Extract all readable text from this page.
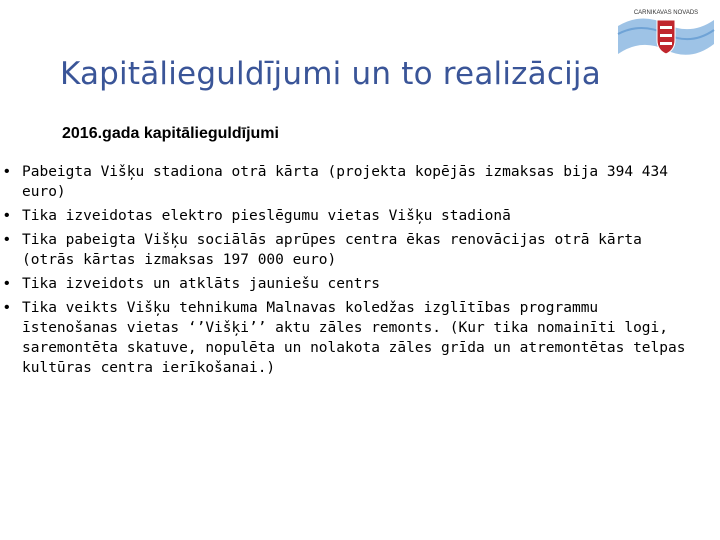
CARNIKAVAS NOVADS
Kapitālieguldījumi un to realizācija
2016.gada kapitālieguldījumi
• Pabeigta Višķu stadiona otrā kārta (projekta kopējās izmaksas bija 394 434 euro)
• Tika izveidotas elektro pieslēgumu vietas Višķu stadionā
• Tika pabeigta Višķu sociālās aprūpes centra ēkas renovācijas otrā kārta (otrās kārtas izmaksas 197 000 euro)
• Tika izveidots un atklāts jauniešu centrs
• Tika veikts Višķu tehnikuma Malnavas koledžas izglītības programmu īstenošanas vietas ‘’Višķi’’ aktu zāles remonts. (Kur tika nomainīti logi, saremontēta skatuve, nopulēta un nolakota zāles grīda un atremontētas telpas kultūras centra ierīkošanai.)
